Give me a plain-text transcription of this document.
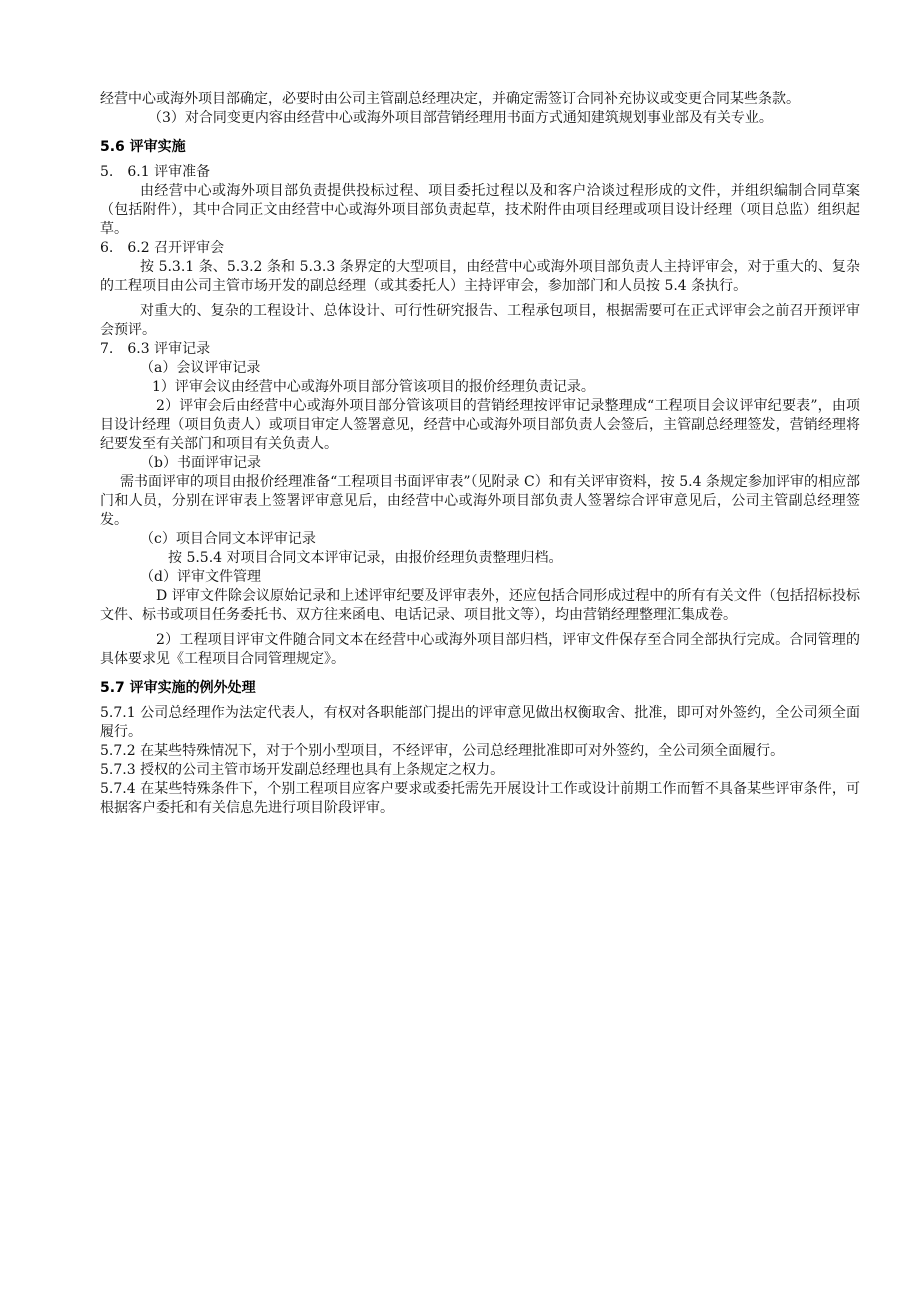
经营中心或海外项目部确定，必要时由公司主管副总经理决定，并确定需签订合同补充协议或变更合同某些条款。

（3）对合同变更内容由经营中心或海外项目部营销经理用书面方式通知建筑规划事业部及有关专业。

5.6 评审实施

5.　6.1 评审准备

由经营中心或海外项目部负责提供投标过程、项目委托过程以及和客户洽谈过程形成的文件，并组织编制合同草案（包括附件），其中合同正文由经营中心或海外项目部负责起草，技术附件由项目经理或项目设计经理（项目总监）组织起草。

6.　6.2 召开评审会

按 5.3.1 条、5.3.2 条和 5.3.3 条界定的大型项目，由经营中心或海外项目部负责人主持评审会，对于重大的、复杂的工程项目由公司主管市场开发的副总经理（或其委托人）主持评审会，参加部门和人员按 5.4 条执行。

对重大的、复杂的工程设计、总体设计、可行性研究报告、工程承包项目，根据需要可在正式评审会之前召开预评审会预评。

7.　6.3 评审记录

（a）会议评审记录

1）评审会议由经营中心或海外项目部分管该项目的报价经理负责记录。

2）评审会后由经营中心或海外项目部分管该项目的营销经理按评审记录整理成“工程项目会议评审纪要表”，由项目设计经理（项目负责人）或项目审定人签署意见，经营中心或海外项目部负责人会签后，主管副总经理签发，营销经理将纪要发至有关部门和项目有关负责人。

（b）书面评审记录

需书面评审的项目由报价经理准备“工程项目书面评审表”（见附录 C）和有关评审资料，按 5.4 条规定参加评审的相应部门和人员，分别在评审表上签署评审意见后，由经营中心或海外项目部负责人签署综合评审意见后，公司主管副总经理签发。

（c）项目合同文本评审记录

按 5.5.4 对项目合同文本评审记录，由报价经理负责整理归档。

（d）评审文件管理

D 评审文件除会议原始记录和上述评审纪要及评审表外，还应包括合同形成过程中的所有有关文件（包括招标投标文件、标书或项目任务委托书、双方往来函电、电话记录、项目批文等），均由营销经理整理汇集成卷。

2）工程项目评审文件随合同文本在经营中心或海外项目部归档，评审文件保存至合同全部执行完成。合同管理的具体要求见《工程项目合同管理规定》。

5.7 评审实施的例外处理

5.7.1 公司总经理作为法定代表人，有权对各职能部门提出的评审意见做出权衡取舍、批准，即可对外签约，全公司须全面履行。

5.7.2 在某些特殊情况下，对于个别小型项目，不经评审，公司总经理批准即可对外签约，全公司须全面履行。

5.7.3 授权的公司主管市场开发副总经理也具有上条规定之权力。

5.7.4 在某些特殊条件下，个别工程项目应客户要求或委托需先开展设计工作或设计前期工作而暂不具备某些评审条件，可根据客户委托和有关信息先进行项目阶段评审。
